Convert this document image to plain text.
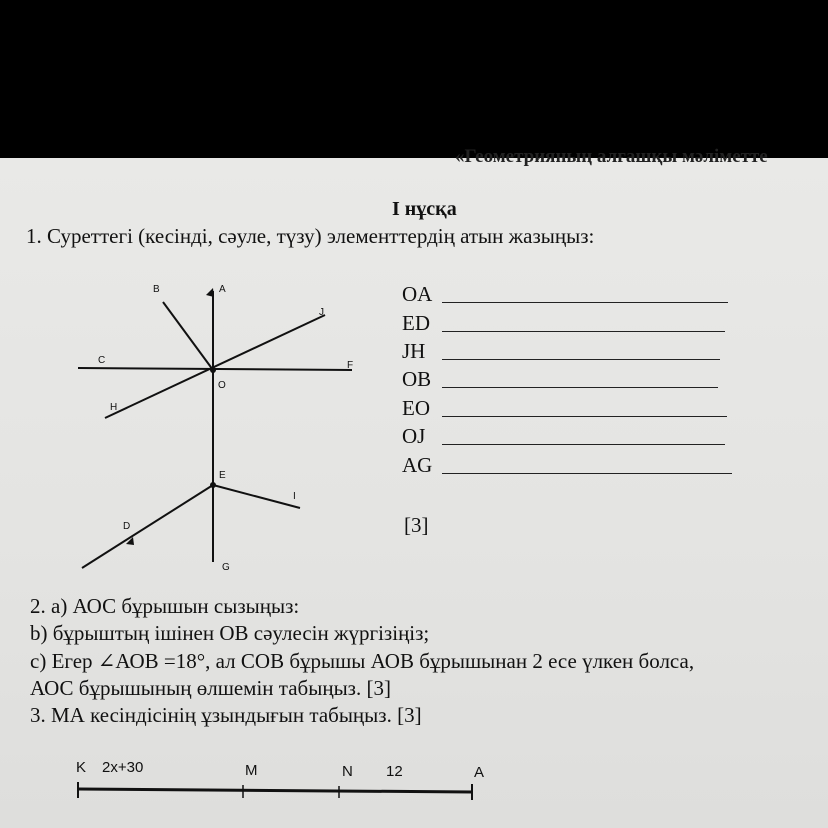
«Геометрияның алғашқы мәліметте
I нұсқа
1. Суреттегі (кесінді, сәуле, түзу) элементтердің атын жазыңыз:
B	A
C	F
J
O
H
E
I
D
G
K 2x+30	M	N 12	A
OA
ED
JH
OB
EO
OJ
AG
[3]
2. а) АОС бұрышын сызыңыз:
b) бұрыштың ішінен ОВ сәулесін жүргізіңіз;
с) Егер ∠АОВ =18°, ал СОВ бұрышы АОВ бұрышынан 2 есе үлкен болса,
АОС бұрышының өлшемін табыңыз. [3]
3. МА кесіндісінің ұзындығын табыңыз. [3]
